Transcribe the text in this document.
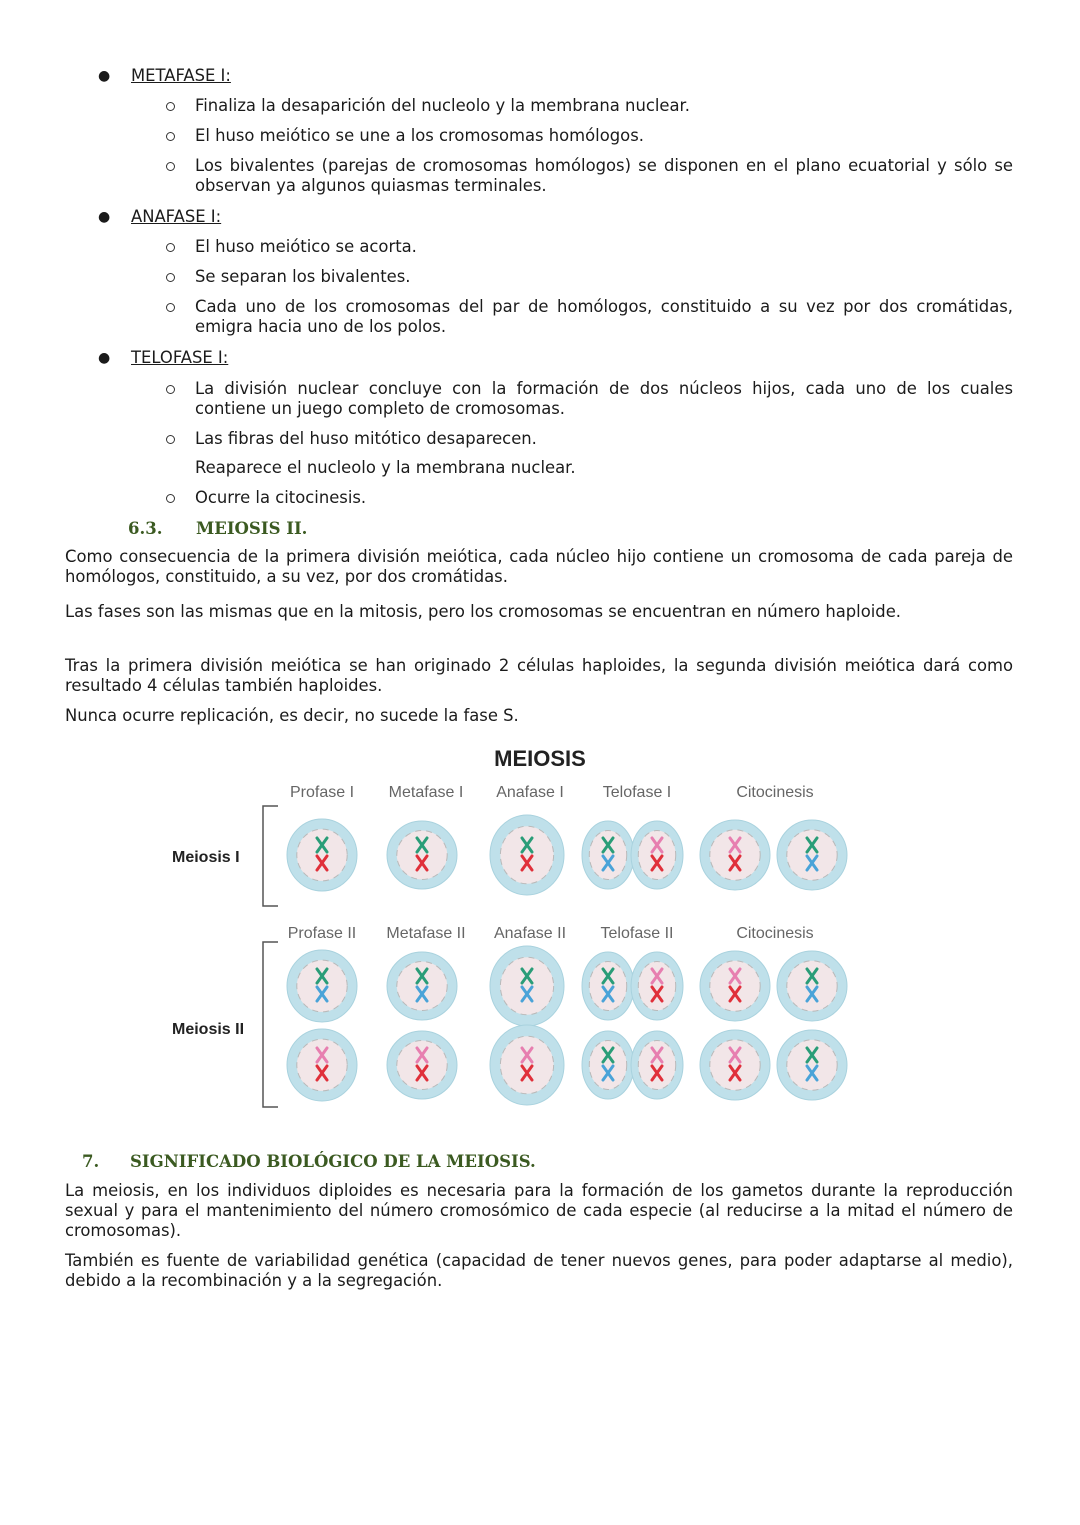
● METAFASE I:
Finaliza la desaparición del nucleolo y la membrana nuclear.
El huso meiótico se une a los cromosomas homólogos.
Los bivalentes (parejas de cromosomas homólogos) se disponen en el plano ecuatorial y sólo se observan ya algunos quiasmas terminales.
● ANAFASE I:
El huso meiótico se acorta.
Se separan los bivalentes.
Cada uno de los cromosomas del par de homólogos, constituido a su vez por dos cromátidas, emigra hacia uno de los polos.
● TELOFASE I:
La división nuclear concluye con la formación de dos núcleos hijos, cada uno de los cuales contiene un juego completo de cromosomas.
Las fibras del huso mitótico desaparecen.
Reaparece el nucleolo y la membrana nuclear.
Ocurre la citocinesis.
6.3. MEIOSIS II.
Como consecuencia de la primera división meiótica, cada núcleo hijo contiene un cromosoma de cada pareja de homólogos, constituido, a su vez, por dos cromátidas.
Las fases son las mismas que en la mitosis, pero los cromosomas se encuentran en número haploide.
Tras la primera división meiótica se han originado 2 células haploides, la segunda división meiótica dará como resultado 4 células también haploides.
Nunca ocurre replicación, es decir, no sucede la fase S.
MEIOSIS
Meiosis I
Meiosis II
Profase I Metafase I Anafase I Telofase I	Citocinesis
Profase II Metafase II Anafase II Telofase II	Citocinesis
7. SIGNIFICADO BIOLÓGICO DE LA MEIOSIS.
La meiosis, en los individuos diploides es necesaria para la formación de los gametos durante la reproducción sexual y para el mantenimiento del número cromosómico de cada especie (al reducirse a la mitad el número de cromosomas).
También es fuente de variabilidad genética (capacidad de tener nuevos genes, para poder adaptarse al medio), debido a la recombinación y a la segregación.
